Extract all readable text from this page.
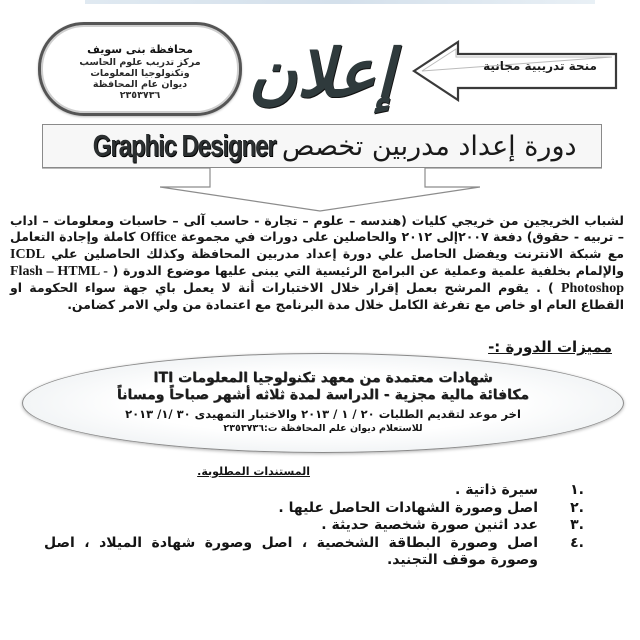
محافظة بنى سويف
مركز تدريب علوم الحاسب
وتكنولوجيا المعلومات
ديوان عام المحافظة
٢٣٥٣٧٣٦	إعلان	منحة تدريبية مجانية
Graphic Designer دورة إعداد مدربين تخصص
لشباب الخريجين من خريجي كليات (هندسه – علوم – تجارة - حاسب آلى – حاسبات ومعلومات – اداب – تربيه - حقوق) دفعة ٢٠٠٧إلى ٢٠١٢ والحاصلين على دورات في مجموعة Office كاملة وإجادة التعامل مع شبكة الانترنت ويفضل الحاصل علي دورة إعداد مدربين المحافظة وكذلك الحاصلين علي ICDL والإلمام بخلفية علمية وعملية عن البرامج الرئيسية التي يبنى عليها موضوع الدورة ( Flash – HTML - Photoshop ) . يقوم المرشح بعمل إقرار خلال الاختبارات أنة لا يعمل باي جهة سواء الحكومة او القطاع العام او خاص مع تفرغة الكامل خلال مدة البرنامج مع اعتمادة من ولي الامر كضامن.
مميزات الدورة :-
شهادات معتمدة من معهد تكنولوجيا المعلومات ITI
مكافائة مالية مجزية - الدراسة لمدة ثلاثه أشهر صباحاً ومساناً
اخر موعد لتقديم الطلبات ٢٠ / ١ / ٢٠١٣ والاختبار التمهيدى ٣٠ /١/ ٢٠١٣
للاستعلام ديوان علم المحافظة ت:٢٣٥٣٧٣٦
المستندات المطلوبة.
.١
سيرة ذاتية .
.٢
اصل وصورة الشهادات الحاصل عليها .
.٣
عدد اثنين صورة شخصية حديثة .
.٤
اصل وصورة البطاقة الشخصية ، اصل وصورة شهادة الميلاد ، اصل وصورة موقف التجنيد.
